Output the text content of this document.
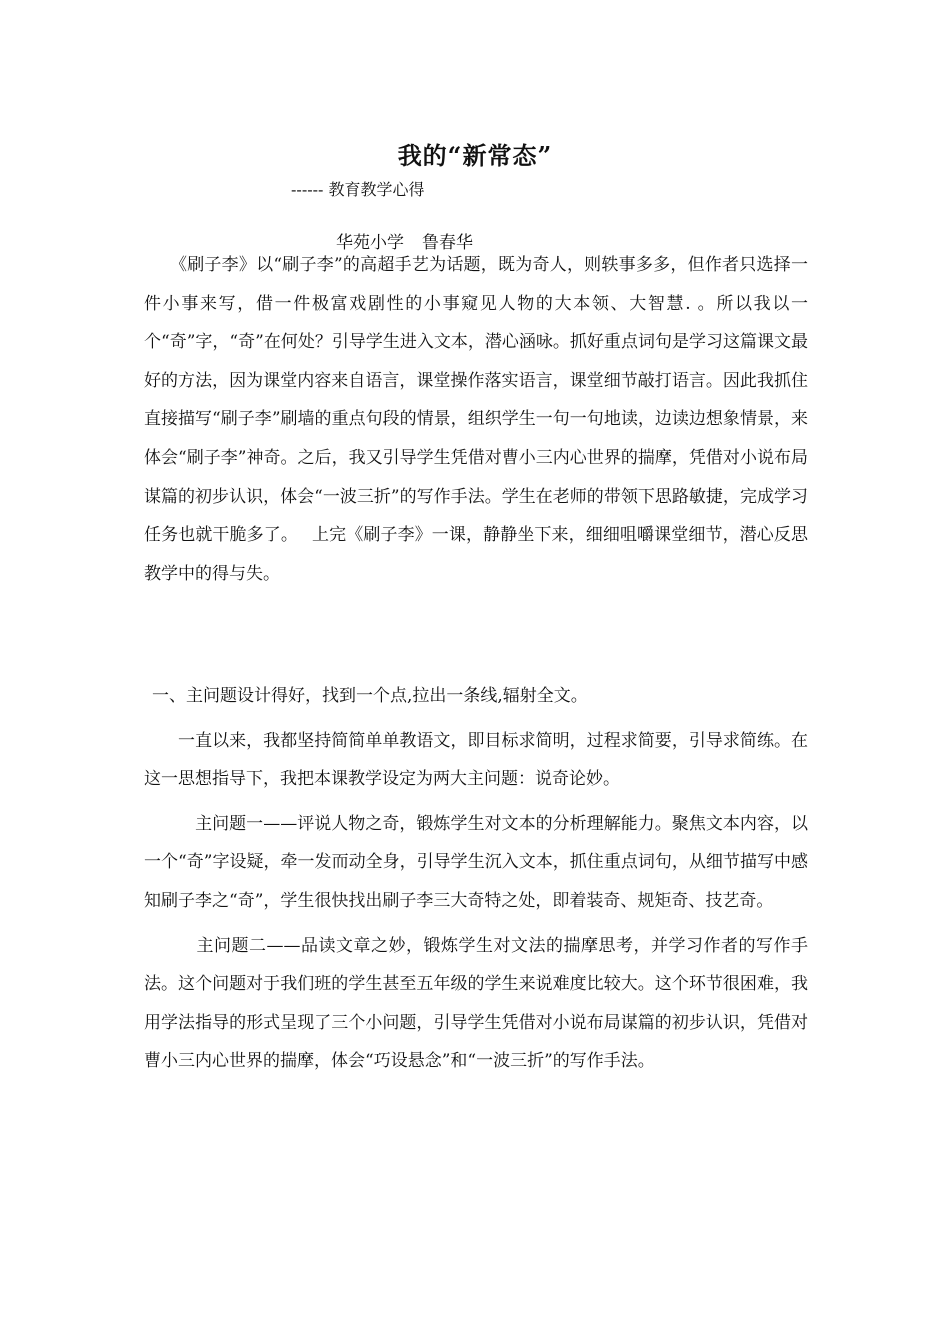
我的“新常态”
------ 教育教学心得
华苑小学 鲁春华

　　《刷子李》以“刷子李”的高超手艺为话题，既为奇人，则轶事多多，但作者只选择一件小事来写，借一件极富戏剧性的小事窥见人物的大本领、大智慧. 。所以我以一个“奇”字，“奇”在何处？引导学生进入文本，潜心涵咏。抓好重点词句是学习这篇课文最好的方法，因为课堂内容来自语言，课堂操作落实语言，课堂细节敲打语言。因此我抓住直接描写“刷子李”刷墙的重点句段的情景，组织学生一句一句地读，边读边想象情景，来体会“刷子李”神奇。之后，我又引导学生凭借对曹小三内心世界的揣摩，凭借对小说布局谋篇的初步认识，体会“一波三折”的写作手法。学生在老师的带领下思路敏捷，完成学习任务也就干脆多了。　 上完《刷子李》一课，静静坐下来，细细咀嚼课堂细节，潜心反思教学中的得与失。

一、主问题设计得好，找到一个点,拉出一条线,辐射全文。

　　一直以来，我都坚持简简单单教语文，即目标求简明，过程求简要，引导求简练。在这一思想指导下，我把本课教学设定为两大主问题：说奇论妙。

　　　主问题一——评说人物之奇，锻炼学生对文本的分析理解能力。聚焦文本内容，以一个“奇”字设疑，牵一发而动全身，引导学生沉入文本，抓住重点词句，从细节描写中感知刷子李之“奇”，学生很快找出刷子李三大奇特之处，即着装奇、规矩奇、技艺奇。

　　　主问题二——品读文章之妙，锻炼学生对文法的揣摩思考，并学习作者的写作手法。这个问题对于我们班的学生甚至五年级的学生来说难度比较大。这个环节很困难，我用学法指导的形式呈现了三个小问题，引导学生凭借对小说布局谋篇的初步认识，凭借对曹小三内心世界的揣摩，体会“巧设悬念”和“一波三折”的写作手法。
